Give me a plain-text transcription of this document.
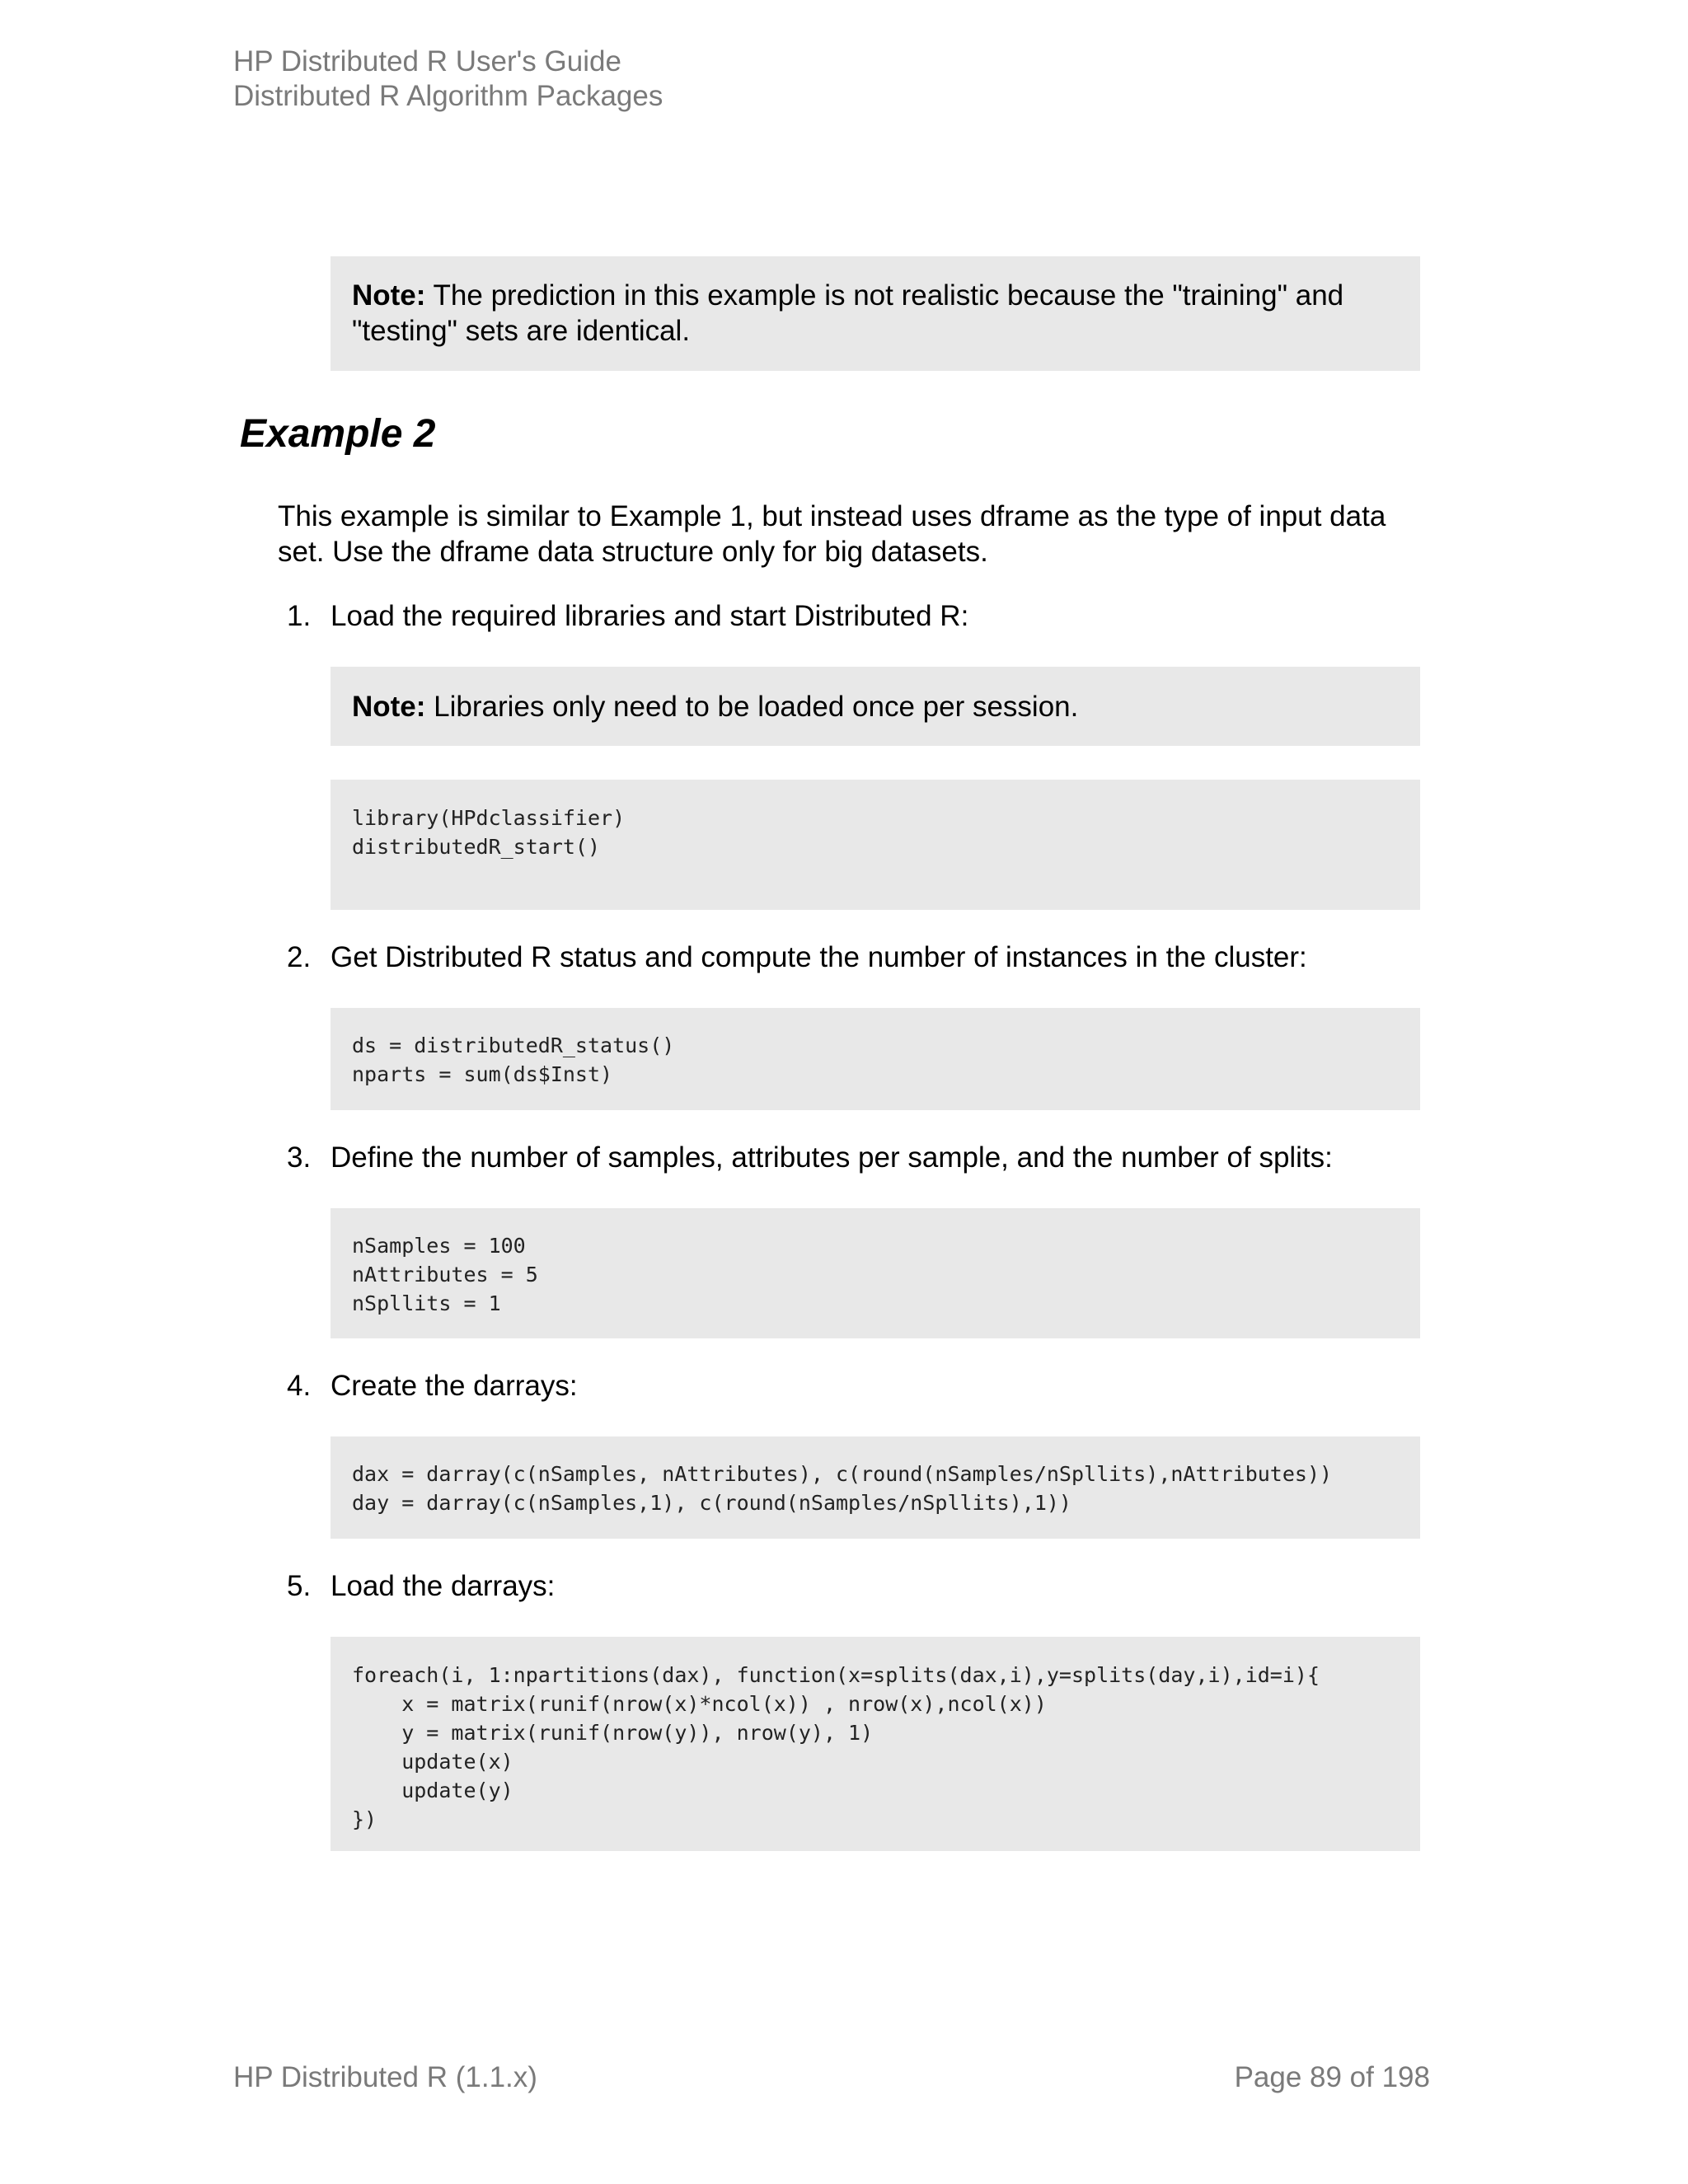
HP Distributed R User's Guide
Distributed R Algorithm Packages
Note: The prediction in this example is not realistic because the "training" and "testing" sets are identical.
Example 2

This example is similar to Example 1, but instead uses dframe as the type of input data set. Use the dframe data structure only for big datasets.

1. Load the required libraries and start Distributed R:
Note: Libraries only need to be loaded once per session.
library(HPdclassifier)
distributedR_start()
2. Get Distributed R status and compute the number of instances in the cluster:
ds = distributedR_status()
nparts = sum(ds$Inst)
3. Define the number of samples, attributes per sample, and the number of splits:
nSamples = 100
nAttributes = 5
nSpllits = 1
4. Create the darrays:
dax = darray(c(nSamples, nAttributes), c(round(nSamples/nSpllits),nAttributes))
day = darray(c(nSamples,1), c(round(nSamples/nSpllits),1))
5. Load the darrays:
foreach(i, 1:npartitions(dax), function(x=splits(dax,i),y=splits(day,i),id=i){
x = matrix(runif(nrow(x)*ncol(x)) , nrow(x),ncol(x))
y = matrix(runif(nrow(y)), nrow(y), 1)
update(x)
update(y)
})
HP Distributed R (1.1.x)	Page 89 of 198
